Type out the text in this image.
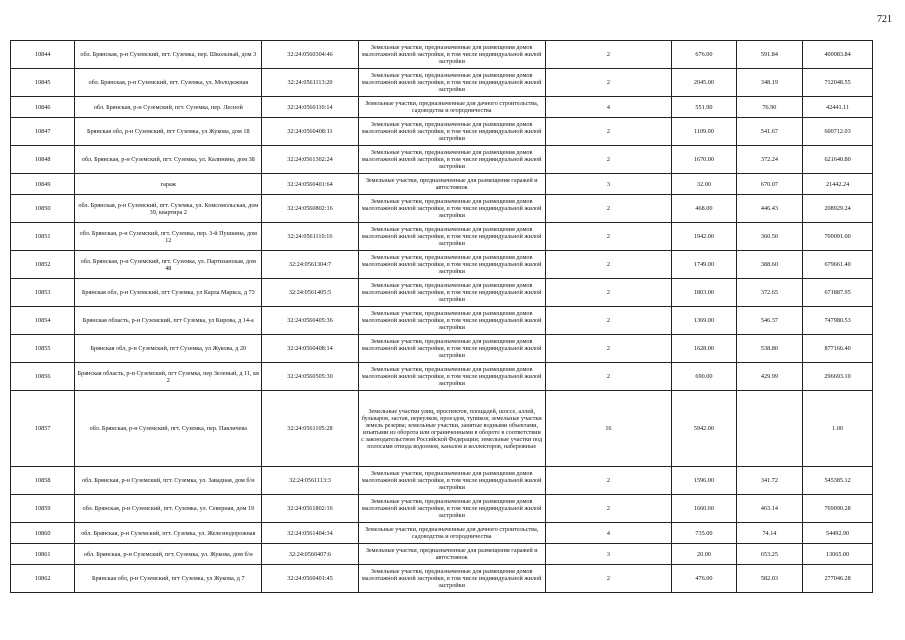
721
10844	обл. Брянская, р-н Суземский, пгт. Суземка, пер. Школьный, дом 3	32:24:0560304:46	Земельные участки, предназначенные для размещения домов малоэтажной жилой застройки, в том числе индивидуальной жилой застройки	2	676.00	591.84	400083.84
10845	обл. Брянская, р-н Суземский, пгт. Суземка, ул. Молодежная	32:24:0561113:20	Земельные участки, предназначенные для размещения домов малоэтажной жилой застройки, в том числе индивидуальной жилой застройки	2	2045.00	348.19	712048.55
10846	обл. Брянская, р-н Суземский, пгт. Суземка, пер. Лесной	32:24:0560110:14	Земельные участки, предназначенные для дачного строительства, садоводства и огородничества	4	551.90	76.90	42441.11
10847	Брянская обл, р-н Суземский, пгт Суземка, ул Жукова, дом 18	32:24:0560408:11	Земельные участки, предназначенные для размещения домов малоэтажной жилой застройки, в том числе индивидуальной жилой застройки	2	1109.00	541.67	600712.03
10848	обл. Брянская, р-н Суземский, пгт. Суземка, ул. Калинина, дом 38	32:24:0561302:24	Земельные участки, предназначенные для размещения домов малоэтажной жилой застройки, в том числе индивидуальной жилой застройки	2	1670.00	372.24	621640.80
10849	гараж	32:24:0560401:64	Земельные участки, предназначенные для размещения гаражей и автостоянок	3	32.00	670.07	21442.24
10850	обл. Брянская, р-н Суземский, пгт. Суземка, ул. Комсомольская, дом 39, квартира 2	32:24:0560802:16	Земельные участки, предназначенные для размещения домов малоэтажной жилой застройки, в том числе индивидуальной жилой застройки	2	468.00	446.43	208929.24
10851	обл. Брянская, р-н Суземский, пгт. Суземка, пер. 3-й Пушкина, дом 12	32:24:0561110:16	Земельные участки, предназначенные для размещения домов малоэтажной жилой застройки, в том числе индивидуальной жилой застройки	2	1942.00	360.50	700091.00
10852	обл. Брянская, р-н Суземский, пгт. Суземка, ул. Партизанская, дом 48	32:24:0561304:7	Земельные участки, предназначенные для размещения домов малоэтажной жилой застройки, в том числе индивидуальной жилой застройки	2	1749.00	388.60	679661.40
10853	Брянская обл, р-н Суземский, пгт Суземка, ул Карла Маркса, д 73	32:24:0561405:5	Земельные участки, предназначенные для размещения домов малоэтажной жилой застройки, в том числе индивидуальной жилой застройки	2	1803.00	372.65	671887.95
10854	Брянская область, р-н Суземский, пгт Суземка, ул Кирова, д 14-а	32:24:0560405:36	Земельные участки, предназначенные для размещения домов малоэтажной жилой застройки, в том числе индивидуальной жилой застройки	2	1369.00	546.37	747980.53
10855	Брянская обл, р-н Суземский, пгт Суземка, ул Жукова, д 20	32:24:0560408:14	Земельные участки, предназначенные для размещения домов малоэтажной жилой застройки, в том числе индивидуальной жилой застройки	2	1628.00	538.80	877166.40
10856	Брянская область, р-н Суземский, пгт Суземка, пер Зеленый, д 11, кв 2	32:24:0560505:30	Земельные участки, предназначенные для размещения домов малоэтажной жилой застройки, в том числе индивидуальной жилой застройки	2	690.00	429.99	296693.10
10857	обл. Брянская, р-н Суземский, пгт. Суземка, пер. Павличева	32:24:0561105:28	Земельные участки улиц, проспектов, площадей, шоссе, аллей, бульваров, застав, переулков, проездов, тупиков; земельные участки земель резерва; земельные участки, занятые водными объектами, изъятыми из оборота или ограниченными в обороте в соответствии с законодательством Российской Федерации; земельные участки под полосами отвода водоемов, каналов и коллекторов, набережные	16	5942.00		1.00
10858	обл. Брянская, р-н Суземский, пгт. Суземка, ул. Завадная, дом б/н	32:24:0561113:3	Земельные участки, предназначенные для размещения домов малоэтажной жилой застройки, в том числе индивидуальной жилой застройки	2	1596.00	341.72	545385.12
10859	обл. Брянская, р-н Суземский, пгт. Суземка, ул. Северная, дом 19	32:24:0561802:16	Земельные участки, предназначенные для размещения домов малоэтажной жилой застройки, в том числе индивидуальной жилой застройки	2	1660.60	463.14	769090.28
10860	обл. Брянская, р-н Суземский, пгт. Суземка, ул. Железнодорожная	32:24:0561404:34	Земельные участки, предназначенные для дачного строительства, садоводства и огородничества	4	735.00	74.14	54492.90
10861	обл. Брянская, р-н Суземский, пгт. Суземка, ул. Жукова, дом б/н	32:24:0560407:6	Земельные участки, предназначенные для размещения гаражей и автостоянок	3	20.00	653.25	13065.00
10862	Брянская обл, р-н Суземский, пгт Суземка, ул Жукова, д 7	32:24:0560401:45	Земельные участки, предназначенные для размещения домов малоэтажной жилой застройки, в том числе индивидуальной жилой застройки	2	476.00	582.03	277046.28
